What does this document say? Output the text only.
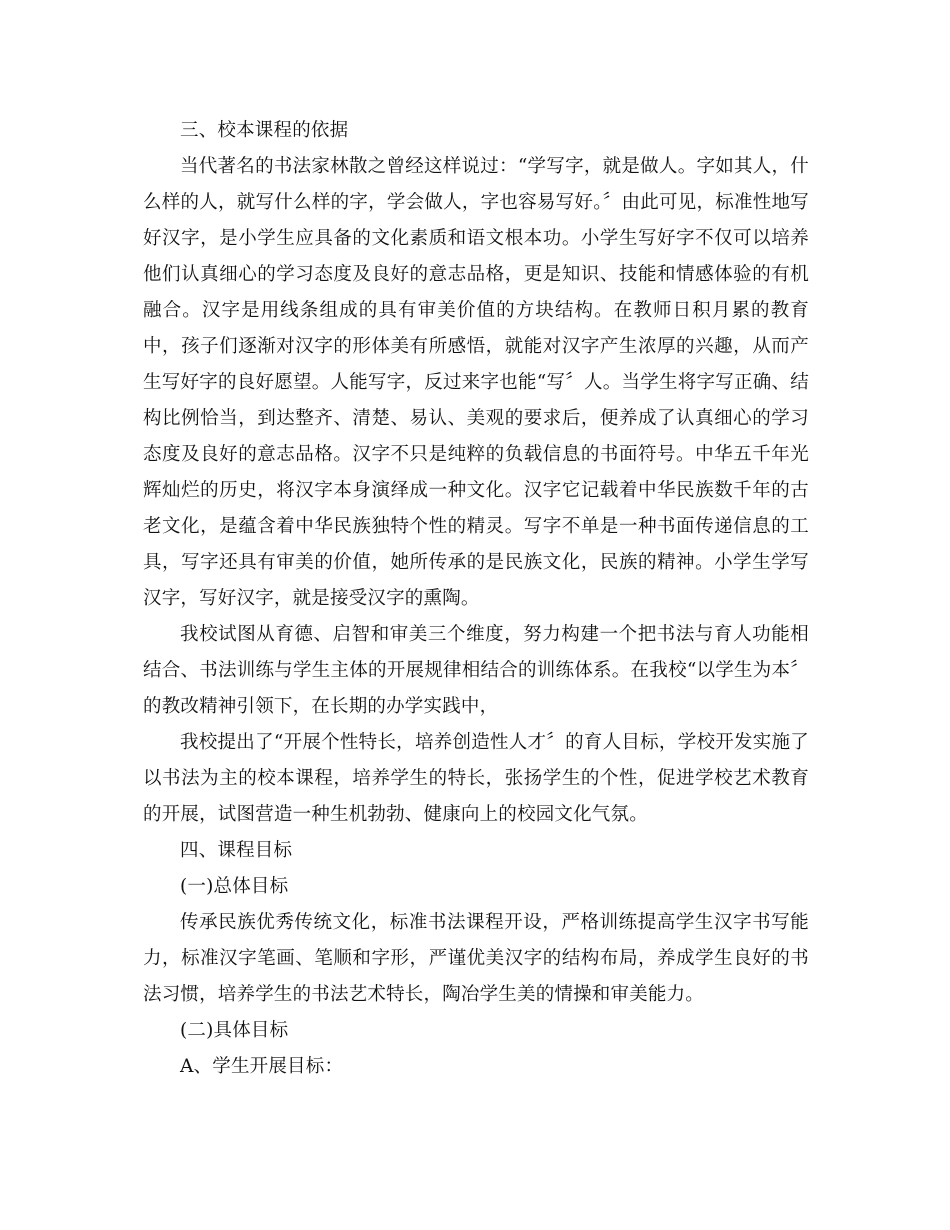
三、校本课程的依据

当代著名的书法家林散之曾经这样说过：“学写字，就是做人。字如其人，什么样的人，就写什么样的字，学会做人，字也容易写好。〞由此可见，标准性地写好汉字，是小学生应具备的文化素质和语文根本功。小学生写好字不仅可以培养他们认真细心的学习态度及良好的意志品格，更是知识、技能和情感体验的有机融合。汉字是用线条组成的具有审美价值的方块结构。在教师日积月累的教育中，孩子们逐渐对汉字的形体美有所感悟，就能对汉字产生浓厚的兴趣，从而产生写好字的良好愿望。人能写字，反过来字也能“写〞人。当学生将字写正确、结构比例恰当，到达整齐、清楚、易认、美观的要求后，便养成了认真细心的学习态度及良好的意志品格。汉字不只是纯粹的负载信息的书面符号。中华五千年光辉灿烂的历史，将汉字本身演绎成一种文化。汉字它记载着中华民族数千年的古老文化，是蕴含着中华民族独特个性的精灵。写字不单是一种书面传递信息的工具，写字还具有审美的价值，她所传承的是民族文化，民族的精神。小学生学写汉字，写好汉字，就是接受汉字的熏陶。

我校试图从育德、启智和审美三个维度，努力构建一个把书法与育人功能相结合、书法训练与学生主体的开展规律相结合的训练体系。在我校“以学生为本〞的教改精神引领下，在长期的办学实践中，

我校提出了“开展个性特长，培养创造性人才〞的育人目标，学校开发实施了以书法为主的校本课程，培养学生的特长，张扬学生的个性，促进学校艺术教育的开展，试图营造一种生机勃勃、健康向上的校园文化气氛。

四、课程目标

(一)总体目标

传承民族优秀传统文化，标准书法课程开设，严格训练提高学生汉字书写能力，标准汉字笔画、笔顺和字形，严谨优美汉字的结构布局，养成学生良好的书法习惯，培养学生的书法艺术特长，陶冶学生美的情操和审美能力。

(二)具体目标

A、学生开展目标：
